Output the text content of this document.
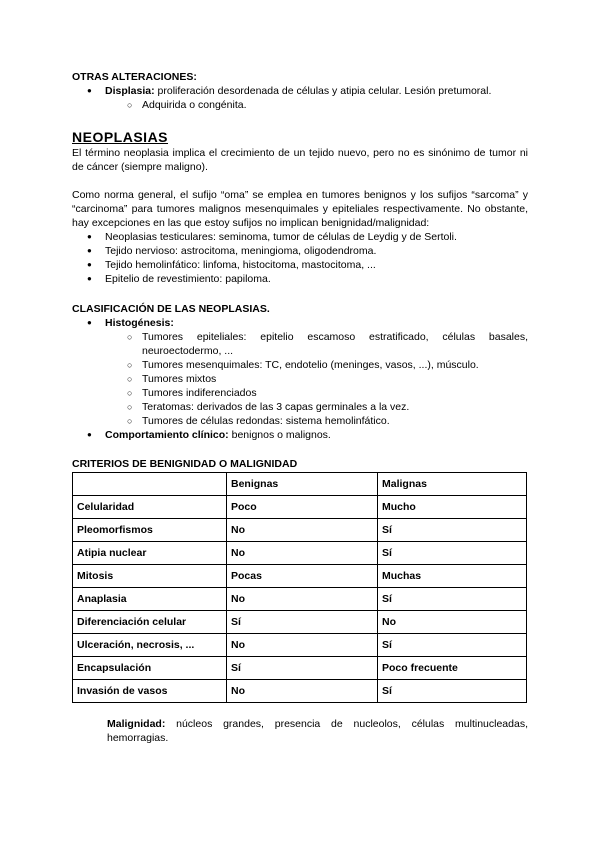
OTRAS ALTERACIONES:
● Displasia: proliferación desordenada de células y atipia celular. Lesión pretumoral.
○ Adquirida o congénita.
NEOPLASIAS

El término neoplasia implica el crecimiento de un tejido nuevo, pero no es sinónimo de tumor ni de cáncer (siempre maligno).

Como norma general, el sufijo “oma” se emplea en tumores benignos y los sufijos “sarcoma” y “carcinoma” para tumores malignos mesenquimales y epiteliales respectivamente. No obstante, hay excepciones en las que estoy sufijos no implican benignidad/malignidad:

● Neoplasias testiculares: seminoma, tumor de células de Leydig y de Sertoli.
● Tejido nervioso: astrocitoma, meningioma, oligodendroma.
● Tejido hemolinfático: linfoma, histocitoma, mastocitoma, ...
● Epitelio de revestimiento: papiloma.
CLASIFICACIÓN DE LAS NEOPLASIAS.
● Histogénesis:
○ Tumores epiteliales: epitelio escamoso estratificado, células basales, neuroectodermo, ...
○ Tumores mesenquimales: TC, endotelio (meninges, vasos, ...), músculo.
○ Tumores mixtos
○ Tumores indiferenciados
○ Teratomas: derivados de las 3 capas germinales a la vez.
○ Tumores de células redondas: sistema hemolinfático.
● Comportamiento clínico: benignos o malignos.
CRITERIOS DE BENIGNIDAD O MALIGNIDAD
	Benignas	Malignas
Celularidad	Poco	Mucho
Pleomorfismos	No	Sí
Atipia nuclear	No	Sí
Mitosis	Pocas	Muchas
Anaplasia	No	Sí
Diferenciación celular	Sí	No
Ulceración, necrosis, ...	No	Sí
Encapsulación	Sí	Poco frecuente
Invasión de vasos	No	Sí

Malignidad: núcleos grandes, presencia de nucleolos, células multinucleadas, hemorragias.
